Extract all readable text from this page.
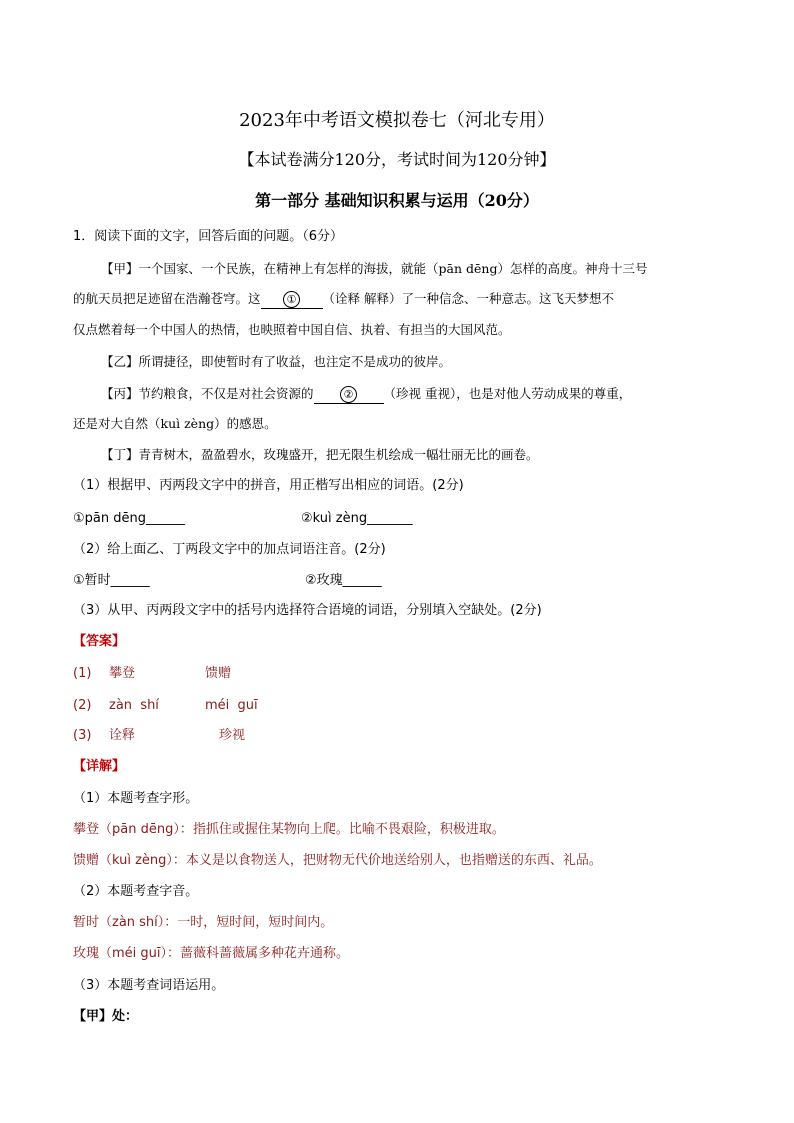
2023年中考语文模拟卷七（河北专用）
【本试卷满分120分，考试时间为120分钟】
第一部分 基础知识积累与运用（20分）
1．阅读下面的文字，回答后面的问题。（6分）
【甲】一个国家、一个民族，在精神上有怎样的海拔，就能（pān dēng）怎样的高度。神舟十三号
的航天员把足迹留在浩瀚苍穹。这 ① （诠释 解释）了一种信念、一种意志。这飞天梦想不
仅点燃着每一个中国人的热情，也映照着中国自信、执着、有担当的大国风范。
【乙】所谓捷径，即使暂时有了收益，也注定不是成功的彼岸。
【丙】节约粮食，不仅是对社会资源的	② （珍视 重视），也是对他人劳动成果的尊重，
还是对大自然（kuì zèng）的感恩。
【丁】青青树木，盈盈碧水，玫瑰盛开，把无限生机绘成一幅壮丽无比的画卷。
（1）根据甲、丙两段文字中的拼音，用正楷写出相应的词语。(2分)
①pān dēng______	②kuì zèng_______
（2）给上面乙、丁两段文字中的加点词语注音。(2分)
①暂时______	②玫瑰______
（3）从甲、丙两段文字中的括号内选择符合语境的词语，分别填入空缺处。(2分)
【答案】
(1) 攀登	馈赠
(2) zàn  shí	méi  guī
(3) 诠释	珍视
【详解】
（1）本题考查字形。
攀登（pān dēng）：指抓住或握住某物向上爬。比喻不畏艰险，积极进取。
馈赠（kuì zèng）：本义是以食物送人，把财物无代价地送给别人，也指赠送的东西、礼品。
（2）本题考查字音。
暂时（zàn shí）：一时，短时间，短时间内。
玫瑰（méi guī）：蔷薇科蔷薇属多种花卉通称。
（3）本题考查词语运用。
【甲】处：
